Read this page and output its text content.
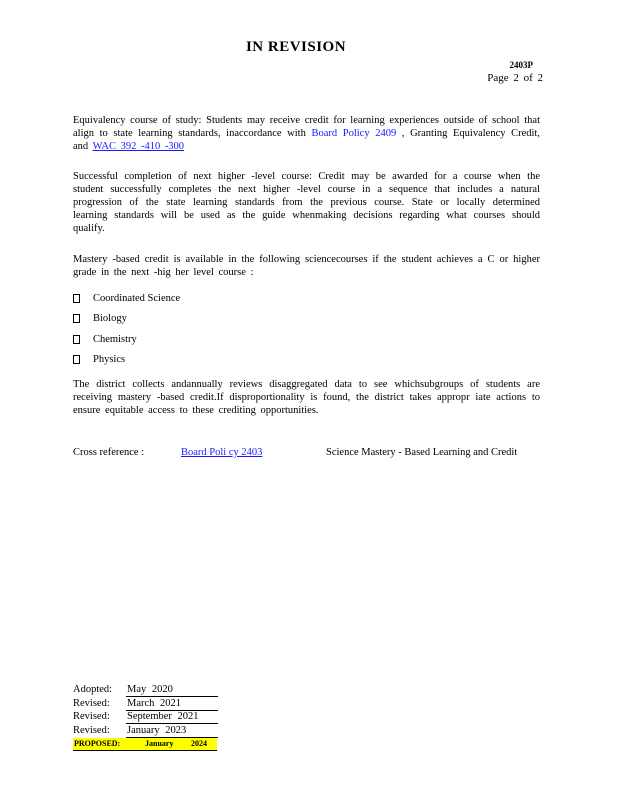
IN REVISION
2403P
Page 2 of 2
Equivalency course of study: Students may receive credit for learning experiences outside of school that align to state learning standards, inaccordance with Board Policy 2409 , Granting Equivalency Credit, and WAC 392 -410 -300
Successful completion of next higher -level course: Credit may be awarded for a course when the student successfully completes the next higher -level course in a sequence that includes a natural progression of the state learning standards from the previous course. State or locally determined learning standards will be used as the guide whenmaking decisions regarding what courses should qualify.
Mastery -based credit is available in the following sciencecourses if the student achieves a C or higher grade in the next -hig her level course :
Coordinated Science
Biology
Chemistry
Physics
The district collects andannually reviews disaggregated data to see whichsubgroups of students are receiving mastery -based credit.If disproportionality is found, the district takes appropr iate actions to ensure equitable access to these crediting opportunities.
Cross reference :	Board Poli cy 2403	Science Mastery - Based Learning and Credit
Adopted: May 2020
Revised: March 2021
Revised: September 2021
Revised: January 2023
PROPOSED:	January 2024
